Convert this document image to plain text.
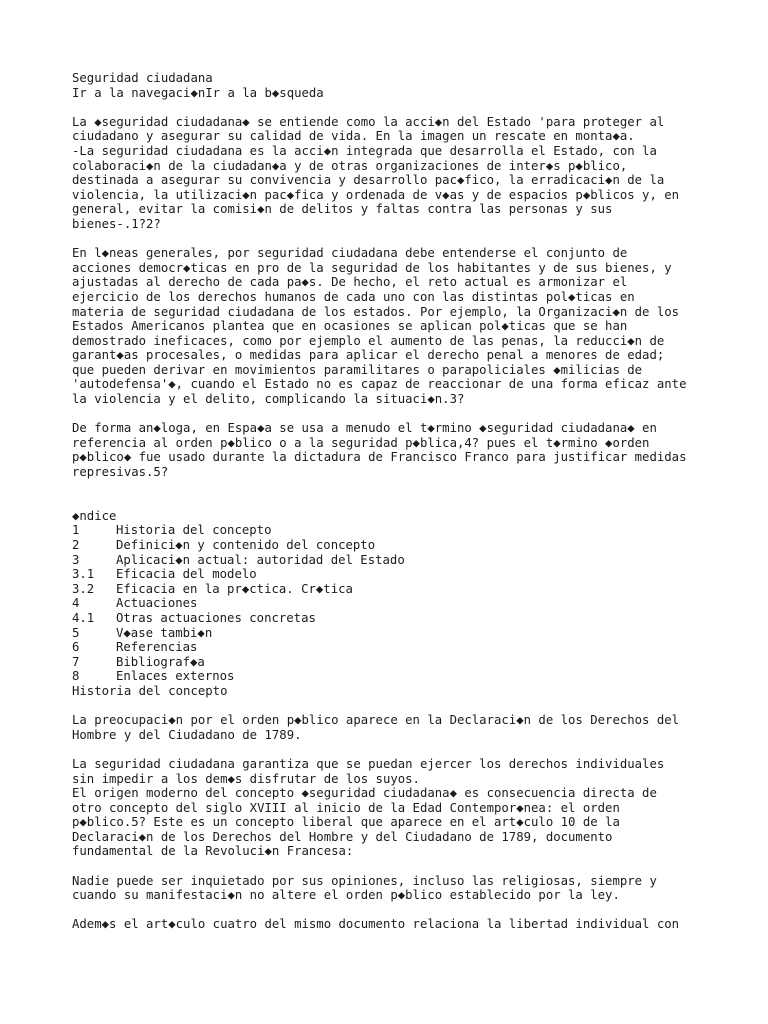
Seguridad ciudadana
Ir a la navegaci◆nIr a la b◆squeda
La ◆seguridad ciudadana◆ se entiende como la acci◆n del Estado 'para proteger al
ciudadano y asegurar su calidad de vida. En la imagen un rescate en monta◆a.
-La seguridad ciudadana es la acci◆n integrada que desarrolla el Estado, con la
colaboraci◆n de la ciudadan◆a y de otras organizaciones de inter◆s p◆blico,
destinada a asegurar su convivencia y desarrollo pac◆fico, la erradicaci◆n de la
violencia, la utilizaci◆n pac◆fica y ordenada de v◆as y de espacios p◆blicos y, en
general, evitar la comisi◆n de delitos y faltas contra las personas y sus
bienes-.1?2?
En l◆neas generales, por seguridad ciudadana debe entenderse el conjunto de
acciones democr◆ticas en pro de la seguridad de los habitantes y de sus bienes, y
ajustadas al derecho de cada pa◆s. De hecho, el reto actual es armonizar el
ejercicio de los derechos humanos de cada uno con las distintas pol◆ticas en
materia de seguridad ciudadana de los estados. Por ejemplo, la Organizaci◆n de los
Estados Americanos plantea que en ocasiones se aplican pol◆ticas que se han
demostrado ineficaces, como por ejemplo el aumento de las penas, la reducci◆n de
garant◆as procesales, o medidas para aplicar el derecho penal a menores de edad;
que pueden derivar en movimientos paramilitares o parapoliciales ◆milicias de
'autodefensa'◆, cuando el Estado no es capaz de reaccionar de una forma eficaz ante
la violencia y el delito, complicando la situaci◆n.3?
De forma an◆loga, en Espa◆a se usa a menudo el t◆rmino ◆seguridad ciudadana◆ en
referencia al orden p◆blico o a la seguridad p◆blica,4? pues el t◆rmino ◆orden
p◆blico◆ fue usado durante la dictadura de Francisco Franco para justificar medidas
represivas.5?
◆ndice
1	Historia del concepto
2	Definici◆n y contenido del concepto
3	Aplicaci◆n actual: autoridad del Estado
3.1	Eficacia del modelo
3.2	Eficacia en la pr◆ctica. Cr◆tica
4	Actuaciones
4.1	Otras actuaciones concretas
5	V◆ase tambi◆n
6	Referencias
7	Bibliograf◆a
8	Enlaces externos
Historia del concepto
La preocupaci◆n por el orden p◆blico aparece en la Declaraci◆n de los Derechos del
Hombre y del Ciudadano de 1789.
La seguridad ciudadana garantiza que se puedan ejercer los derechos individuales
sin impedir a los dem◆s disfrutar de los suyos.
El origen moderno del concepto ◆seguridad ciudadana◆ es consecuencia directa de
otro concepto del siglo XVIII al inicio de la Edad Contempor◆nea: el orden
p◆blico.5? Este es un concepto liberal que aparece en el art◆culo 10 de la
Declaraci◆n de los Derechos del Hombre y del Ciudadano de 1789, documento
fundamental de la Revoluci◆n Francesa:
Nadie puede ser inquietado por sus opiniones, incluso las religiosas, siempre y
cuando su manifestaci◆n no altere el orden p◆blico establecido por la ley.
Adem◆s el art◆culo cuatro del mismo documento relaciona la libertad individual con
